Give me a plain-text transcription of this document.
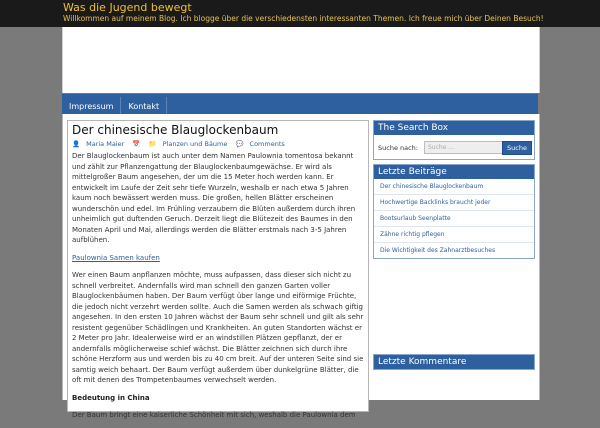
Was die Jugend bewegt
Willkommen auf meinem Blog. Ich blogge über die verschiedensten interessanten Themen. Ich freue mich über Deinen Besuch!
Impressum Kontakt
Der chinesische Blauglockenbaum
👤 Maria Maier 📅 📁 Planzen und Bäume 💬 Comments

Der Blauglockenbaum ist auch unter dem Namen Paulownia tomentosa bekannt und zählt zur Pflanzengattung der Blauglockenbaumgewächse. Er wird als mittelgroßer Baum angesehen, der um die 15 Meter hoch werden kann. Er entwickelt im Laufe der Zeit sehr tiefe Wurzeln, weshalb er nach etwa 5 Jahren kaum noch bewässert werden muss. Die großen, hellen Blätter erscheinen wunderschön und edel. Im Frühling verzaubern die Blüten außerdem durch ihren unheimlich gut duftenden Geruch. Derzeit liegt die Blütezeit des Baumes in den Monaten April und Mai, allerdings werden die Blätter erstmals nach 3-5 Jahren aufblühen.

Paulownia Samen kaufen

Wer einen Baum anpflanzen möchte, muss aufpassen, dass dieser sich nicht zu schnell verbreitet. Andernfalls wird man schnell den ganzen Garten voller Blauglockenbäumen haben. Der Baum verfügt über lange und eiförmige Früchte, die jedoch nicht verzehrt werden sollte. Auch die Samen werden als schwach giftig angesehen. In den ersten 10 Jahren wächst der Baum sehr schnell und gilt als sehr resistent gegenüber Schädlingen und Krankheiten. An guten Standorten wächst er 2 Meter pro Jahr. Idealerweise wird er an windstillen Plätzen gepflanzt, der er andernfalls möglicherweise schief wächst. Die Blätter zeichnen sich durch ihre schöne Herzform aus und werden bis zu 40 cm breit. Auf der unteren Seite sind sie samtig weich behaart. Der Baum verfügt außerdem über dunkelgrüne Blätter, die oft mit denen des Trompetenbaumes verwechselt werden.

Bedeutung in China

Der Baum bringt eine kaiserliche Schönheit mit sich, weshalb die Paulownia dem

The Search Box
Suche nach:	Suche ...	Suche
Letzte Beiträge
Der chinesische Blauglockenbaum
Hochwertige Backlinks braucht jeder
Bootsurlaub Seenplatte
Zähne richtig pflegen
Die Wichtigkeit des Zahnarztbesuches
Letzte Kommentare
